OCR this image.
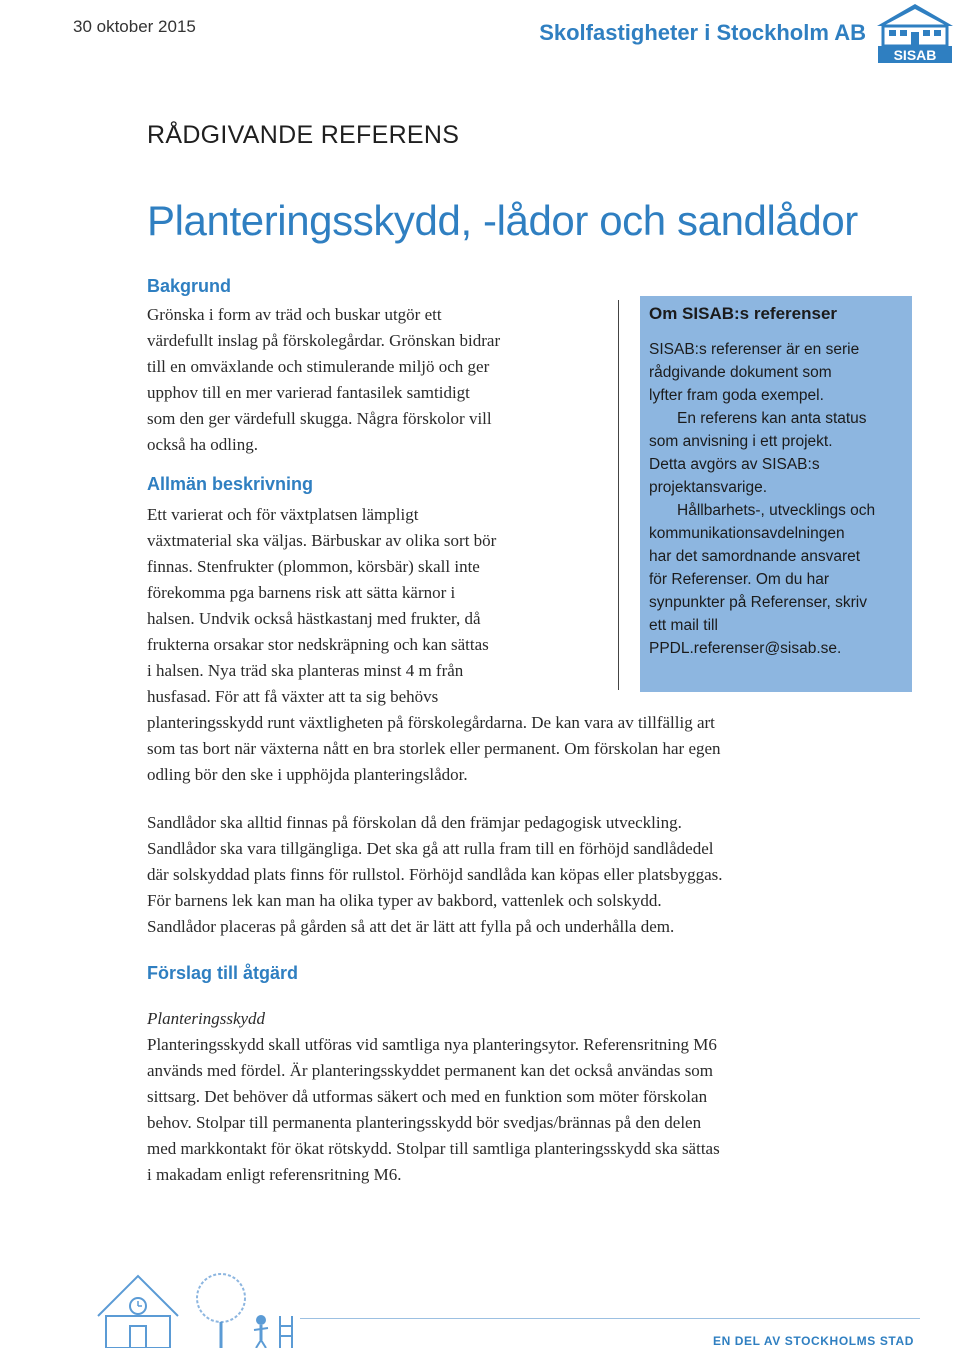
30 oktober 2015	Skolfastigheter i Stockholm AB
SISAB
RÅDGIVANDE REFERENS
Planteringsskydd, -lådor och sandlådor
Bakgrund
Grönska i form av träd och buskar utgör ett
värdefullt inslag på förskolegårdar. Grönskan bidrar
till en omväxlande och stimulerande miljö och ger
upphov till en mer varierad fantasilek samtidigt
som den ger värdefull skugga. Några förskolor vill
också ha odling.
Allmän beskrivning
Ett varierat och för växtplatsen lämpligt
växtmaterial ska väljas. Bärbuskar av olika sort bör
finnas. Stenfrukter (plommon, körsbär) skall inte
förekomma pga barnens risk att sätta kärnor i
halsen. Undvik också hästkastanj med frukter, då
frukterna orsakar stor nedskräpning och kan sättas
i halsen. Nya träd ska planteras minst 4 m från
husfasad. För att få växter att ta sig behövs
planteringsskydd runt växtligheten på förskolegårdarna. De kan vara av tillfällig art
som tas bort när växterna nått en bra storlek eller permanent. Om förskolan har egen
odling bör den ske i upphöjda planteringslådor.
Sandlådor ska alltid finnas på förskolan då den främjar pedagogisk utveckling.
Sandlådor ska vara tillgängliga. Det ska gå att rulla fram till en förhöjd sandlådedel
där solskyddad plats finns för rullstol. Förhöjd sandlåda kan köpas eller platsbyggas.
För barnens lek kan man ha olika typer av bakbord, vattenlek och solskydd.
Sandlådor placeras på gården så att det är lätt att fylla på och underhålla dem.
Förslag till åtgärd
Planteringsskydd
Planteringsskydd skall utföras vid samtliga nya planteringsytor. Referensritning M6
används med fördel. Är planteringsskyddet permanent kan det också användas som
sittsarg. Det behöver då utformas säkert och med en funktion som möter förskolan
behov. Stolpar till permanenta planteringsskydd bör svedjas/brännas på den delen
med markkontakt för ökat rötskydd. Stolpar till samtliga planteringsskydd ska sättas
i makadam enligt referensritning M6.
Om SISAB:s referenser
SISAB:s referenser är en serie
rådgivande dokument som
lyfter fram goda exempel.
En referens kan anta status
som anvisning i ett projekt.
Detta avgörs av SISAB:s
projektansvarige.
Hållbarhets-, utvecklings och
kommunikationsavdelningen
har det samordnande ansvaret
för Referenser. Om du har
synpunkter på Referenser, skriv
ett mail till
PPDL.referenser@sisab.se.
EN DEL AV STOCKHOLMS STAD
